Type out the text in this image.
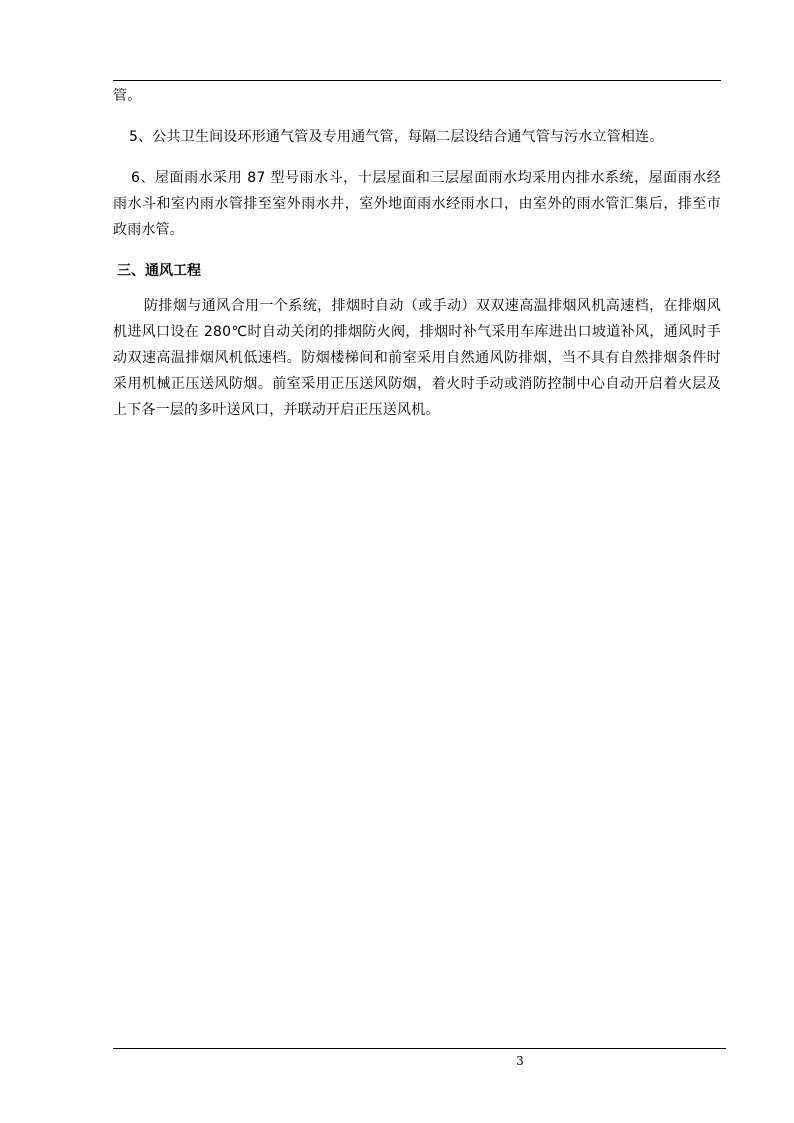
管。

5、公共卫生间设环形通气管及专用通气管，每隔二层设结合通气管与污水立管相连。

6、屋面雨水采用 87 型号雨水斗，十层屋面和三层屋面雨水均采用内排水系统，屋面雨水经雨水斗和室内雨水管排至室外雨水井，室外地面雨水经雨水口，由室外的雨水管汇集后，排至市政雨水管。

三、通风工程

防排烟与通风合用一个系统，排烟时自动（或手动）双双速高温排烟风机高速档，在排烟风机进风口设在 280℃时自动关闭的排烟防火阀，排烟时补气采用车库进出口坡道补风，通风时手动双速高温排烟风机低速档。防烟楼梯间和前室采用自然通风防排烟，当不具有自然排烟条件时采用机械正压送风防烟。前室采用正压送风防烟，着火时手动或消防控制中心自动开启着火层及上下各一层的多叶送风口，并联动开启正压送风机。

3
